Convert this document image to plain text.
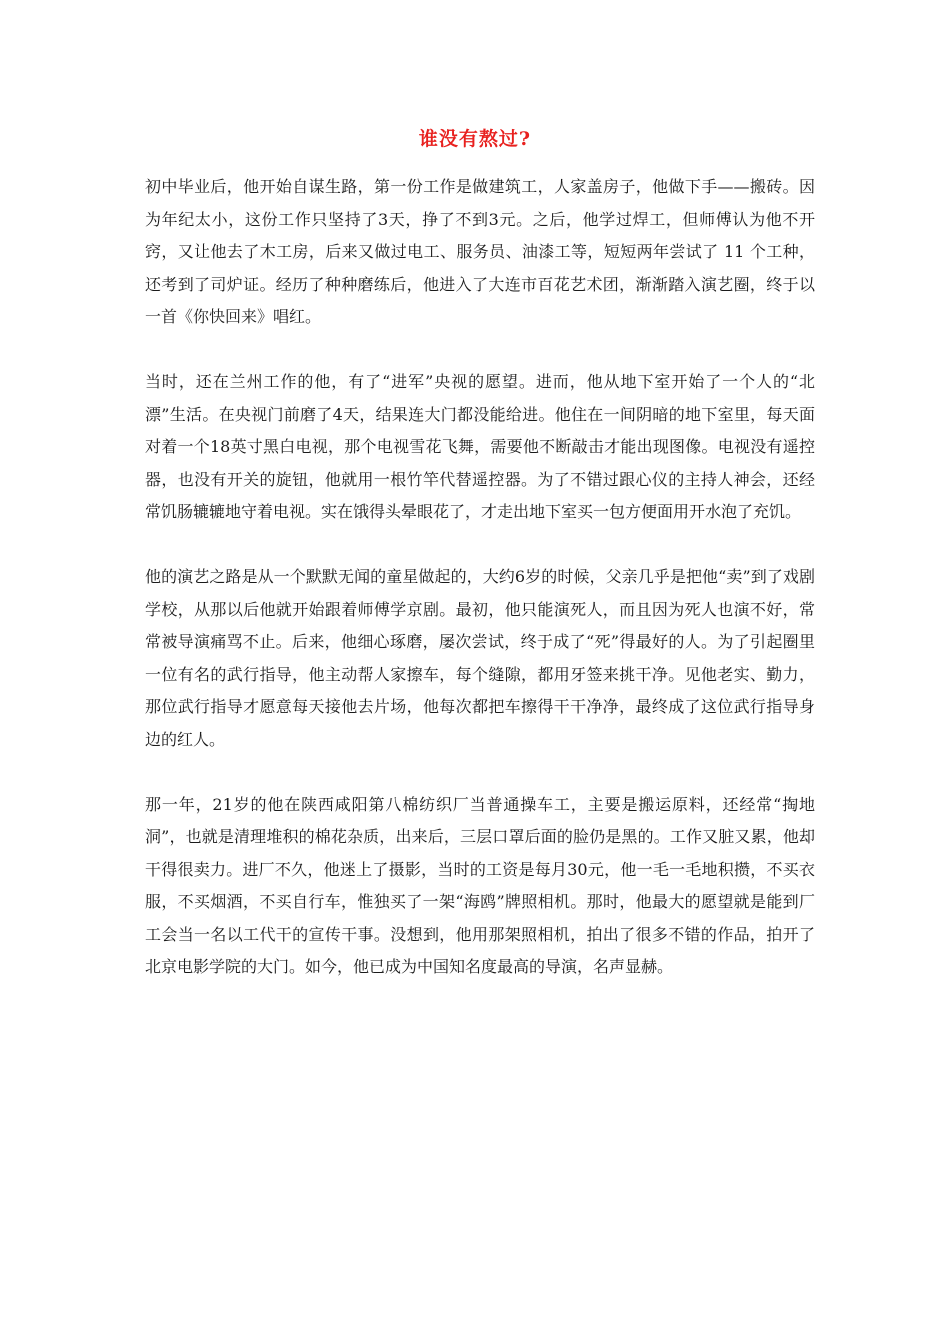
谁没有熬过?

初中毕业后，他开始自谋生路，第一份工作是做建筑工，人家盖房子，他做下手——搬砖。因为年纪太小，这份工作只坚持了3天，挣了不到3元。之后，他学过焊工，但师傅认为他不开窍，又让他去了木工房，后来又做过电工、服务员、油漆工等，短短两年尝试了 11 个工种，还考到了司炉证。经历了种种磨练后，他进入了大连市百花艺术团，渐渐踏入演艺圈，终于以一首《你快回来》唱红。

当时，还在兰州工作的他，有了“进军”央视的愿望。进而，他从地下室开始了一个人的“北漂”生活。在央视门前磨了4天，结果连大门都没能给进。他住在一间阴暗的地下室里，每天面对着一个18英寸黑白电视，那个电视雪花飞舞，需要他不断敲击才能出现图像。电视没有遥控器，也没有开关的旋钮，他就用一根竹竿代替遥控器。为了不错过跟心仪的主持人神会，还经常饥肠辘辘地守着电视。实在饿得头晕眼花了，才走出地下室买一包方便面用开水泡了充饥。

他的演艺之路是从一个默默无闻的童星做起的，大约6岁的时候，父亲几乎是把他“卖”到了戏剧学校，从那以后他就开始跟着师傅学京剧。最初，他只能演死人，而且因为死人也演不好，常常被导演痛骂不止。后来，他细心琢磨，屡次尝试，终于成了“死”得最好的人。为了引起圈里一位有名的武行指导，他主动帮人家擦车，每个缝隙，都用牙签来挑干净。见他老实、勤力，那位武行指导才愿意每天接他去片场，他每次都把车擦得干干净净，最终成了这位武行指导身边的红人。

那一年，21岁的他在陕西咸阳第八棉纺织厂当普通操车工，主要是搬运原料，还经常“掏地洞”，也就是清理堆积的棉花杂质，出来后，三层口罩后面的脸仍是黑的。工作又脏又累，他却干得很卖力。进厂不久，他迷上了摄影，当时的工资是每月30元，他一毛一毛地积攒，不买衣服，不买烟酒，不买自行车，惟独买了一架“海鸥”牌照相机。那时，他最大的愿望就是能到厂工会当一名以工代干的宣传干事。没想到，他用那架照相机，拍出了很多不错的作品，拍开了北京电影学院的大门。如今，他已成为中国知名度最高的导演，名声显赫。
